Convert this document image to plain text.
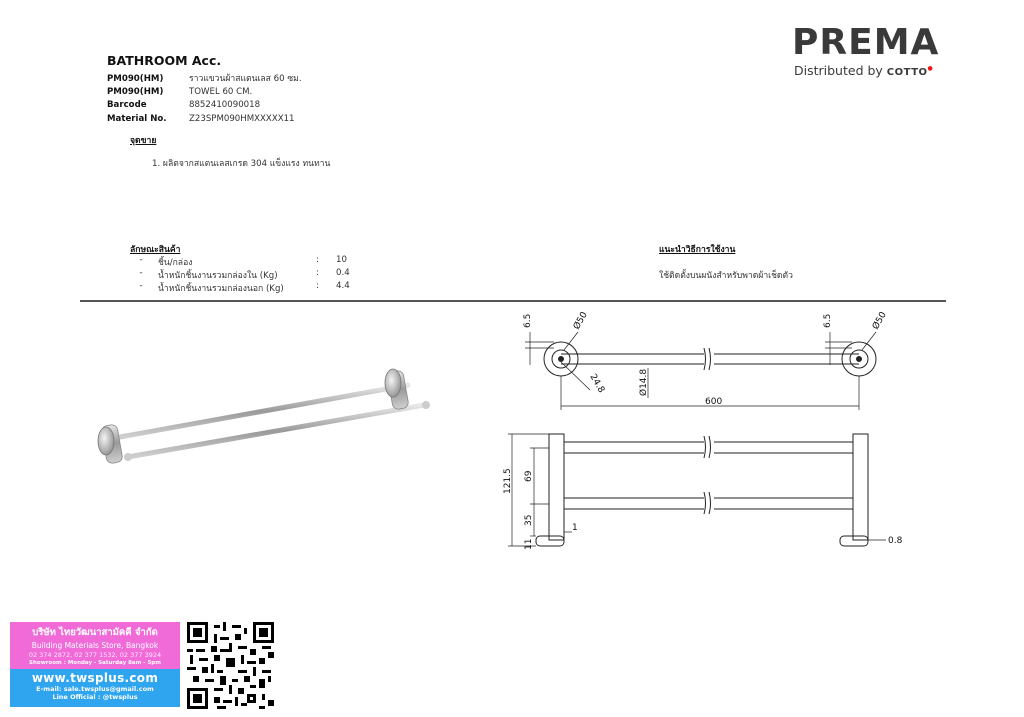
BATHROOM Acc.
PM090(HM)	ราวแขวนผ้าสแตนเลส 60 ซม.
PM090(HM)	TOWEL 60 CM.
Barcode	8852410090018
Material No.	Z23SPM090HMXXXXX11
PREMA
Distributed by COTTO●
จุดขาย
1. ผลิตจากสแตนเลสเกรด 304 แข็งแรง ทนทาน
ลักษณะสินค้า
-	ชิ้น/กล่อง	:	10
-	น้ำหนักชิ้นงานรวมกล่องใน (Kg)	:	0.4
-	น้ำหนักชิ้นงานรวมกล่องนอก (Kg)	:	4.4
แนะนำวิธีการใช้งาน
ใช้ติดตั้งบนผนังสำหรับพาดผ้าเช็ดตัว
6.5	Ø50	6.5	Ø50
24.8	Ø14.8
600
121.5 69
35
11
1
0.8
บริษัท ไทยวัฒนาสามัคคี จำกัด
Building Materials Store, Bangkok
02 374 2872, 02 377 1532, 02 377 3924
Showroom : Monday - Saturday 8am - 5pm
www.twsplus.com
E-mail: sale.twsplus@gmail.com
Line Official : @twsplus
